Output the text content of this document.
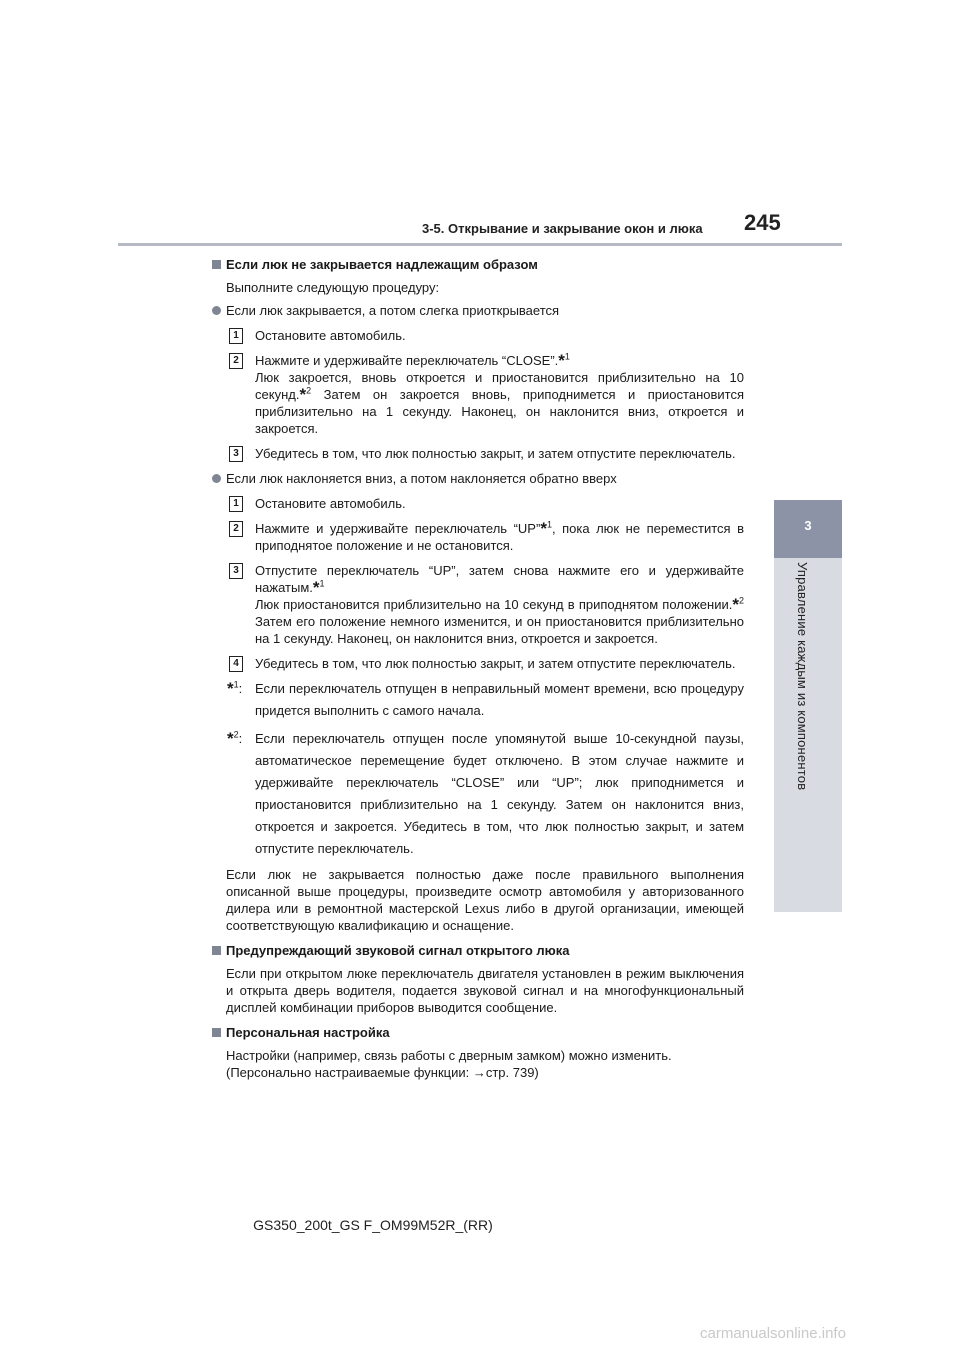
3-5. Открывание и закрывание окон и люка 245
3
Управление каждым из компонентов

Если люк не закрывается надлежащим образом

Выполните следующую процедуру:

Если люк закрывается, а потом слегка приоткрывается

1	Остановите автомобиль.

2	Нажмите и удерживайте переключатель “CLOSE”.*$^1$
Люк закроется, вновь откроется и приостановится приблизительно на 10 секунд.*$^2$ Затем он закроется вновь, приподнимется и приостановится приблизительно на 1 секунду. Наконец, он наклонится вниз, откроется и закроется.

3	Убедитесь в том, что люк полностью закрыт, и затем отпустите переключатель.

Если люк наклоняется вниз, а потом наклоняется обратно вверх

1	Остановите автомобиль.

2	Нажмите и удерживайте переключатель “UP”*$^1$, пока люк не переместится в приподнятое положение и не остановится.

3	Отпустите переключатель “UP”, затем снова нажмите его и удерживайте нажатым.*$^1$
Люк приостановится приблизительно на 10 секунд в приподнятом положении.*$^2$ Затем его положение немного изменится, и он приостановится приблизительно на 1 секунду. Наконец, он наклонится вниз, откроется и закроется.

4	Убедитесь в том, что люк полностью закрыт, и затем отпустите переключатель.

*$^1$: Если переключатель отпущен в неправильный момент времени, всю процедуру придется выполнить с самого начала.

*$^2$: Если переключатель отпущен после упомянутой выше 10-секундной паузы, автоматическое перемещение будет отключено. В этом случае нажмите и удерживайте переключатель “CLOSE” или “UP”; люк приподнимется и приостановится приблизительно на 1 секунду. Затем он наклонится вниз, откроется и закроется. Убедитесь в том, что люк полностью закрыт, и затем отпустите переключатель.

Если люк не закрывается полностью даже после правильного выполнения описанной выше процедуры, произведите осмотр автомобиля у авторизованного дилера или в ремонтной мастерской Lexus либо в другой организации, имеющей соответствующую квалификацию и оснащение.

Предупреждающий звуковой сигнал открытого люка

Если при открытом люке переключатель двигателя установлен в режим выключения и открыта дверь водителя, подается звуковой сигнал и на многофункциональный дисплей комбинации приборов выводится сообщение.

Персональная настройка

Настройки (например, связь работы с дверным замком) можно изменить.
(Персонально настраиваемые функции: →стр. 739)

GS350_200t_GS F_OM99M52R_(RR)
carmanualsonline.info
